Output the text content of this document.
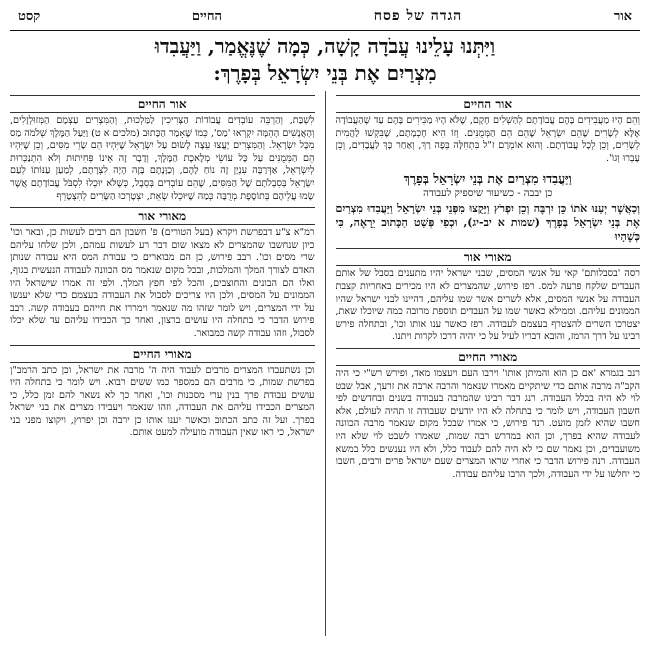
אור
הגדה של פסח
החיים
קסט
וַיִּתְּנוּ עָלֵינוּ עֲבֹדָה קָשָׁה, כְּמָה שֶׁנֶּאֱמַר, וַיַּעֲבִדוּ
מִצְרַיִם אֶת בְּנֵי יִשְׂרָאֵל בְּפָרֶךְ:
אור החיים

וְהֵם הָיוּ מַעֲבִידִים בָּהֶם עֲבוֹדָתָם לְהַשְׁלִים חָקָם, שֶׁלֹּא הָיוּ מַכִּירִים בָּהֶם עַד שֶׁהַעֲבוֹדָה אֶלָּא לְשָׂרִים שֶׁהֵם יִשְׂרָאֵל שֶׁהֵם הֵם הַמְּמֻנִּים. וְזוֹ הִיא חָכְמָתָם, שֶׁבִּקְשׁוּ לַהֲמִית לְשָׂרִים, וְכֵן לְכָל עֲבוֹדָתָם. וְהוּא אוֹמְרָם ז"ל בִּתְחִלָּה בְּפֶה רַךְ, וְאַחַר כָּךְ לַעֲבָדִים, וְכֵן עָבְרוּ וְגוֹ'.

וַיַּעֲבִדוּ מִצְרַיִם אֶת בְּנֵי יִשְׂרָאֵל בְּפָרֶךְ
כן יבבה - כשיעור שיספיק לעבודה

וְכַאֲשֶׁר יְעַנּוּ אֹתוֹ כֵּן יִרְבֶּה וְכֵן יִפְרֹץ וַיָּקֻצוּ מִפְּנֵי בְּנֵי יִשְׂרָאֵל וַיַּעֲבִדוּ מִצְרַיִם אֶת בְּנֵי יִשְׂרָאֵל בְּפָרֶךְ (שמות א יב-יג), וּכְפִי פְּשַׁט הַכָּתוּב יֵרָאֶה, כִּי כְּשֶׁהָיוּ

מאורי אור

רסה 'בסבלותם' קאי על אנשי המסים, שבני ישראל יהיו מתענים בסבל של אותם העבדים שלקח פרעה למס. רפז פירוש, שהמצרים לא היו מכירים באחריות קצבת העבודה על אנשי המסים, אלא לשרים אשר שמו עליהם, דהיינו לבני ישראל שהיו הממונים עליהם. וממילא כאשר שמו על העבדים תוספת מרובה כמה שיוכלו שאת, יצטרכו השרים להצטרף בעצמם לעבודה. רפז כאשר ענו אותו וכו', ובתחלה פירש רבינו על דרך הרמז, והובא דבריו לעיל על כי יהיה דרכו לקרות ויתנו.

מאורי החיים

רנב בגמרא 'אם כן הוא והמיתן אותו' וירבו העם ויעצמו מאד, ופירש רש"י כי היה הקב"ה מרבה אותם כדי שיתקיים מאמרו שנאמר והרבה ארבה את זרעך, אבל שבט לוי לא היה בכלל העבודה. רנג דבר רבינו שהמרבה בעבודה בשנים ובחדשים לפי חשבון העבודה, ויש לומר כי בתחלה לא היו יודעים שעבודה זו תהיה לעולם, אלא חשבו שהיא לזמן מועט. רנד פירוש, כי אמרו שבכל מקום שנאמר מרבה הכוונה לעבודה שהיא בפרך, וכן הוא במדרש רבה שמות, שאמרו לשבט לוי שלא היו משועבדים, וכן נאמר שם כי לא היה להם לעבוד כלל, ולא היו נענשים כלל במשא העבודה. רנה פירוש הדבר כי אחרי שראו המצרים שעם ישראל פרים ורבים, חשבו כי יחלשו על ידי העבודה, ולכך הרבו עליהם עבודה.

אור החיים

לִשְׁבַּת, וְהַרְבֵּה עוֹבְדִים עֲבוֹדוֹת הַצְּרִיכִין לַמַּלְכוּת, וְהַמִּצְרִים עַצְמָם הַמְּזוּלְזָלִים, וְהָאֲנָשִׁים הָהֵמָּה יִקְרְאוּ 'מַס', כְּמוֹ שֶׁאָמַר הַכָּתוּב (מלכים א ט) וַיַּעַל הַמֶּלֶךְ שְׁלֹמֹה מַס מִכָּל יִשְׂרָאֵל. וְהַמִּצְרִים יָעֲצוּ עֵצָה לָשׂוּם עַל יִשְׂרָאֵל שֶׁיִּהְיוּ הֵם שָׂרֵי מִסִּים, וְכֵן שֶׁיִּהְיוּ הֵם הַמְּמֻנִּים עַל כָּל עוֹשֵׂי מְלֶאכֶת הַמֶּלֶךְ, וְדָבָר זֶה אֵינוֹ פְּחִיתוּת וְלֹא הִתְנַכְּרוּת לְיִשְׂרָאֵל, אַדְּרַבָּה עִנְיָן זֶה נוֹחַ לָהֶם, וְכַוָּנָתָם בָּזֶה הָיָה לִצְרָתָם, לְמַעַן עַנּוֹתוֹ לְעַם יִשְׂרָאֵל בְּסִבְלֹתָם שֶׁל הַמִּסִּים, שֶׁהֵם עוֹבְדִים בְּסֵבֶל, כְּשֶׁלֹּא יוּכְלוּ לִסְבֹּל עֲבוֹדָתָם אֲשֶׁר שָׂמוּ עֲלֵיהֶם בְּתוֹסֶפֶת מְרֻבָּה כְּמַה שֶׁיּוּכְלוּ שְׂאֵת, יִצְטָרְכוּ הַשָּׂרִים לְהִצְטָרֵף

מאורי אור

רמ"א צ"ע דבפרשת ויקרא (בעל הטורים) פ' חשבון הם רבים לעשות כן, ובאר וכו' כיון שנחשבו שהמצרים לא מצאו שום דבר רע לעשות עמהם, ולכן שלחו עליהם שרי מסים וכו'. רבב פירוש, כן הם מבוארים כי עבודת המס היא עבודה שנותן האדם לצורך המלך והמלכות, ובכל מקום שנאמר מס הכוונה לעבודה הנעשית בגוף, ואלו הם הבונים והחוצבים, והכל לפי חפץ המלך. ולפי זה אמרו שישראל היו הממונים על המסים, ולכן היו צריכים לסבול את העבודה בעצמם כדי שלא יענשו על ידי המצרים, ויש לומר שזהו מה שנאמר וימררו את חייהם בעבודה קשה. רבב פירוש הדבר כי בתחלה היו עושים ברצון, ואחר כך הכבידו עליהם עד שלא יכלו לסבול, וזהו עבודה קשה כמבואר.

מאורי החיים

וכן נשתעבדו המצרים מרבים לעבוד היה ה' מרבה את ישראל, וכן כתב הרמב"ן בפרשת שמות, כי מרבים הם במספר כמו ששים רבוא. ויש לומר כי בתחלה היו עושים עבודת פרך בנין ערי מסכנות וכו', ואחר כך לא נשאר להם זמן כלל, כי המצרים הכבידו עליהם את העבודה, וזהו שנאמר ויעבידו מצרים את בני ישראל בפרך. ועל זה כתב הכתוב וכאשר יענו אותו כן ירבה וכן יפרוץ, ויקוצו מפני בני ישראל, כי ראו שאין העבודה מועילה למעט אותם.
